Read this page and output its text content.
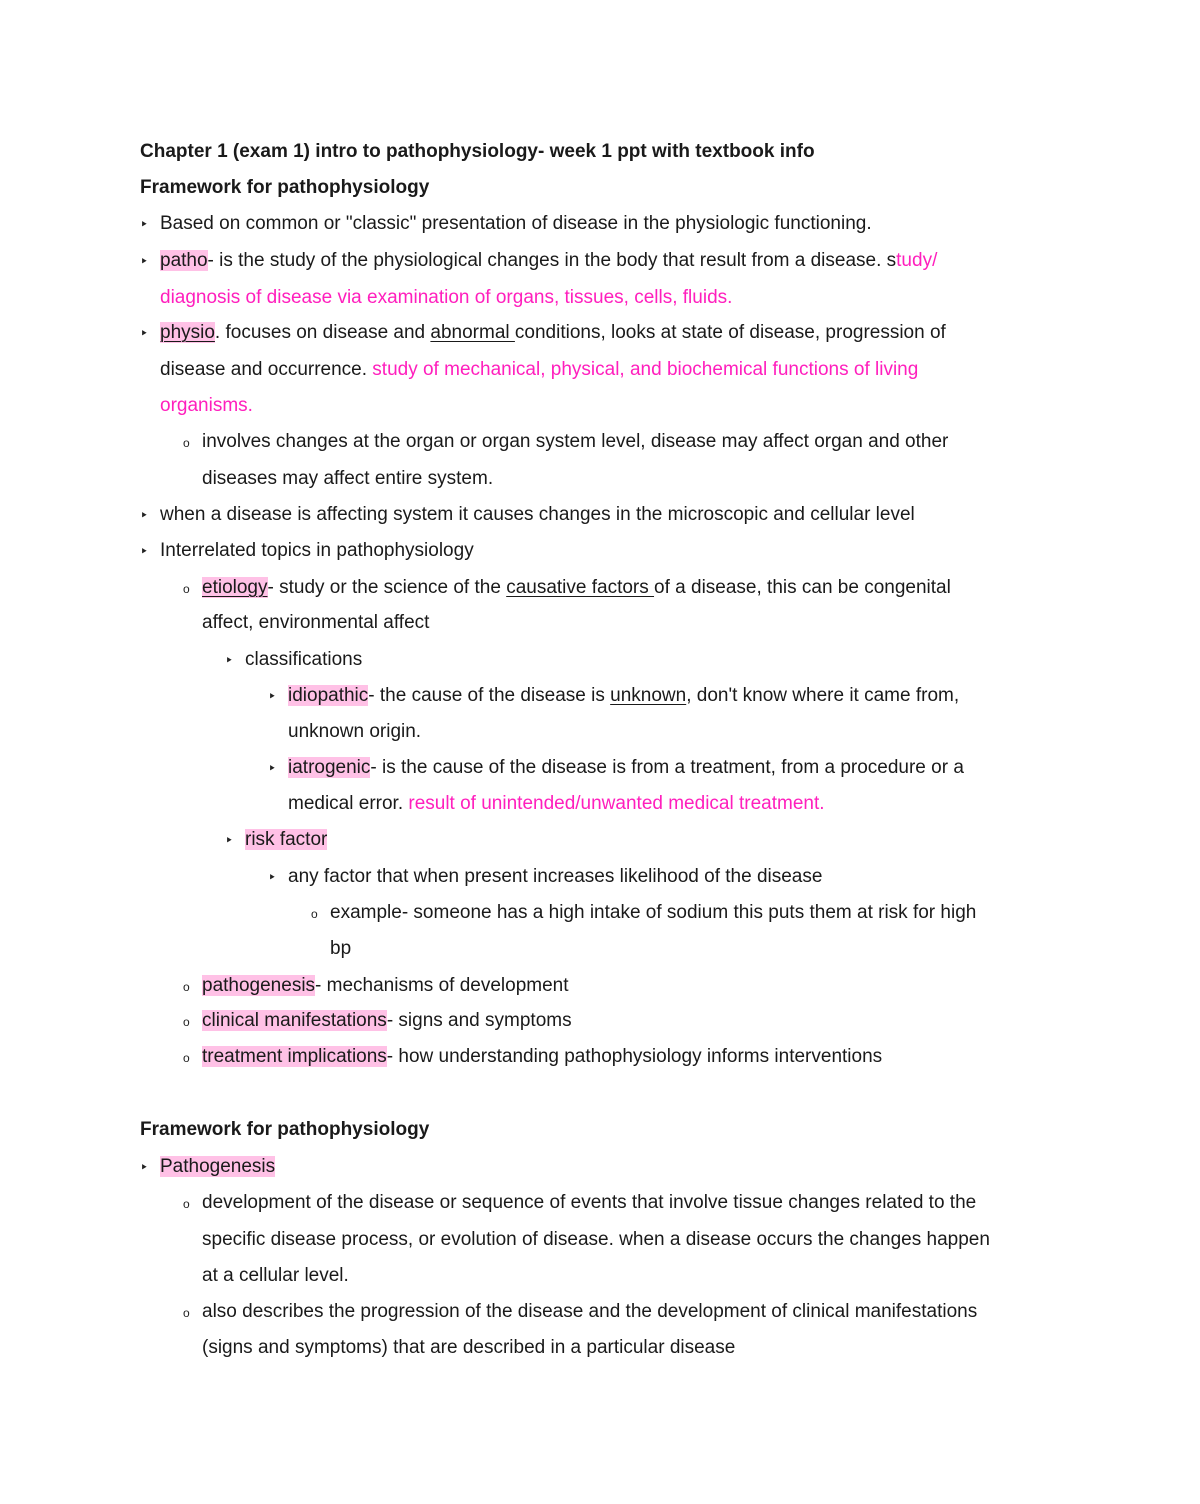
Chapter 1 (exam 1) intro to pathophysiology- week 1 ppt with textbook info
Framework for pathophysiology
‣ Based on common or "classic" presentation of disease in the physiologic functioning.
‣ patho- is the study of the physiological changes in the body that result from a disease. study/
diagnosis of disease via examination of organs, tissues, cells, fluids.
‣ physio. focuses on disease and abnormal conditions, looks at state of disease, progression of
disease and occurrence. study of mechanical, physical, and biochemical functions of living
organisms.
o involves changes at the organ or organ system level, disease may affect organ and other
diseases may affect entire system.
‣ when a disease is affecting system it causes changes in the microscopic and cellular level
‣ Interrelated topics in pathophysiology
o etiology- study or the science of the causative factors of a disease, this can be congenital
affect, environmental affect
‣ classifications
‣ idiopathic- the cause of the disease is unknown, don't know where it came from,
unknown origin.
‣ iatrogenic- is the cause of the disease is from a treatment, from a procedure or a
medical error. result of unintended/unwanted medical treatment.
‣ risk factor
‣ any factor that when present increases likelihood of the disease
o example- someone has a high intake of sodium this puts them at risk for high
bp
o pathogenesis- mechanisms of development
o clinical manifestations- signs and symptoms
o treatment implications- how understanding pathophysiology informs interventions
Framework for pathophysiology
‣ Pathogenesis
o development of the disease or sequence of events that involve tissue changes related to the
specific disease process, or evolution of disease. when a disease occurs the changes happen
at a cellular level.
o also describes the progression of the disease and the development of clinical manifestations
(signs and symptoms) that are described in a particular disease
